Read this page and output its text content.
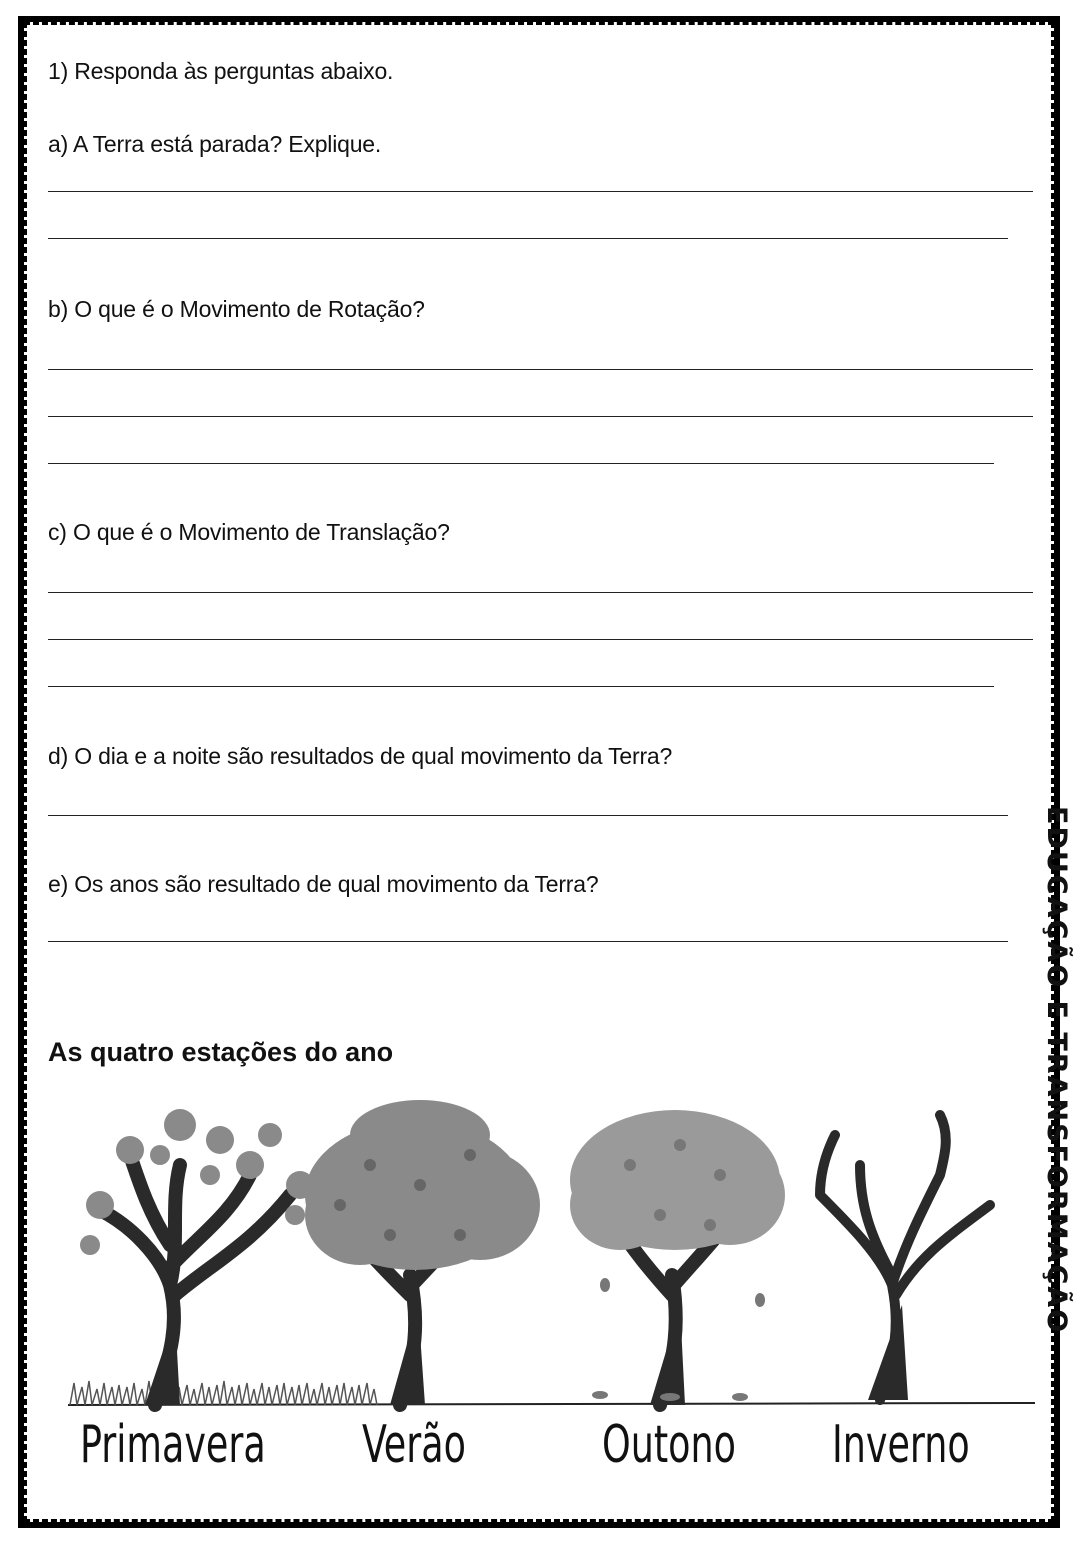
1) Responda às perguntas abaixo.
a) A Terra está parada? Explique.
b) O que é o Movimento de Rotação?
c) O que é o Movimento de Translação?
d) O dia e a noite são resultados de qual movimento da Terra?
e) Os anos são resultado de qual movimento da Terra?
As quatro estações do ano	EDUCAÇÃO E TRANSFORMAÇÃO
Primavera Verão	Outono Inverno
